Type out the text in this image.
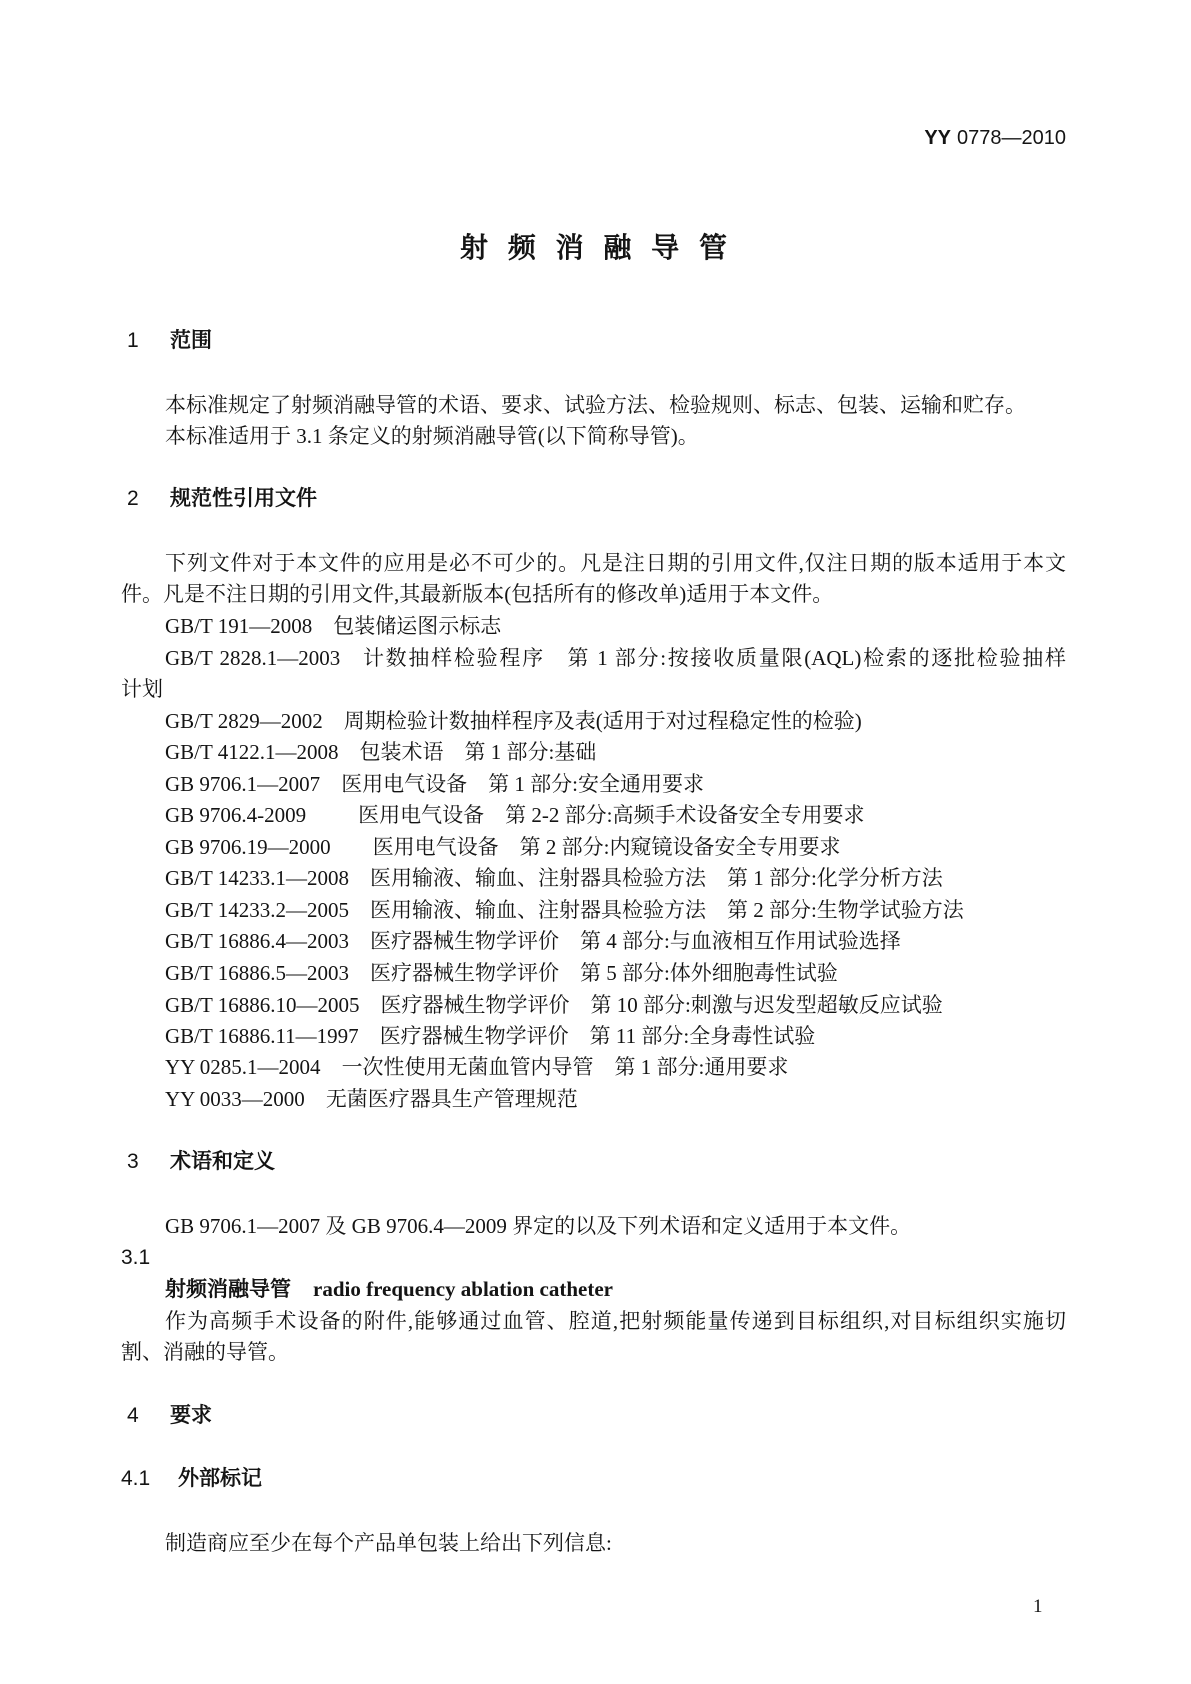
YY 0778—2010
射 频 消 融 导 管
1 范围
本标准规定了射频消融导管的术语、要求、试验方法、检验规则、标志、包装、运输和贮存。
本标准适用于 3.1 条定义的射频消融导管(以下简称导管)。
2 规范性引用文件
下列文件对于本文件的应用是必不可少的。凡是注日期的引用文件,仅注日期的版本适用于本文
件。凡是不注日期的引用文件,其最新版本(包括所有的修改单)适用于本文件。
GB/T 191—2008 包装储运图示标志
GB/T 2828.1—2003 计数抽样检验程序　第 1 部分:按接收质量限(AQL)检索的逐批检验抽样
计划
GB/T 2829—2002 周期检验计数抽样程序及表(适用于对过程稳定性的检验)
GB/T 4122.1—2008 包装术语　第 1 部分:基础
GB 9706.1—2007 医用电气设备　第 1 部分:安全通用要求
GB 9706.4-2009 医用电气设备　第 2-2 部分:高频手术设备安全专用要求
GB 9706.19—2000 医用电气设备　第 2 部分:内窥镜设备安全专用要求
GB/T 14233.1—2008 医用输液、输血、注射器具检验方法　第 1 部分:化学分析方法
GB/T 14233.2—2005 医用输液、输血、注射器具检验方法　第 2 部分:生物学试验方法
GB/T 16886.4—2003 医疗器械生物学评价　第 4 部分:与血液相互作用试验选择
GB/T 16886.5—2003 医疗器械生物学评价　第 5 部分:体外细胞毒性试验
GB/T 16886.10—2005 医疗器械生物学评价　第 10 部分:刺激与迟发型超敏反应试验
GB/T 16886.11—1997 医疗器械生物学评价　第 11 部分:全身毒性试验
YY 0285.1—2004 一次性使用无菌血管内导管　第 1 部分:通用要求
YY 0033—2000 无菌医疗器具生产管理规范
3 术语和定义
GB 9706.1—2007 及 GB 9706.4—2009 界定的以及下列术语和定义适用于本文件。
3.1
射频消融导管 radio frequency ablation catheter
作为高频手术设备的附件,能够通过血管、腔道,把射频能量传递到目标组织,对目标组织实施切
割、消融的导管。
4 要求
4.1 外部标记
制造商应至少在每个产品单包装上给出下列信息:
1
